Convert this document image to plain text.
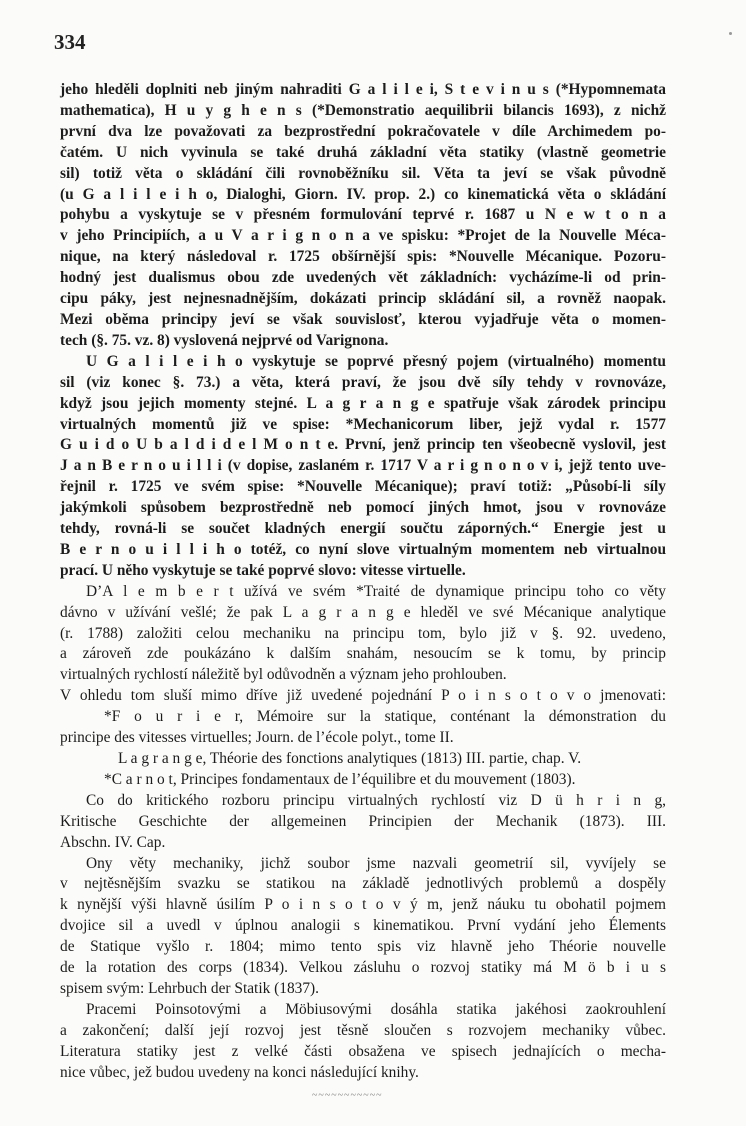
334
jeho hleděli doplniti neb jiným nahraditi G a l i l e i, S t e v i n u s (*Hypomnemata
mathematica), H u y g h e n s (*Demonstratio aequilibrii bilancis 1693), z nichž
první dva lze považovati za bezprostřední pokračovatele v díle Archimedem po-
čatém. U nich vyvinula se také druhá základní věta statiky (vlastně geometrie
sil) totiž věta o skládání čili rovnoběžníku sil. Věta ta jeví se však původně
(u G a l i l e i h o, Dialoghi, Giorn. IV. prop. 2.) co kinematická věta o skládání
pohybu a vyskytuje se v přesném formulování teprvé r. 1687 u N e w t o n a
v jeho Principiích, a u V a r i g n o n a ve spisku: *Projet de la Nouvelle Méca-
nique, na který následoval r. 1725 obšírnější spis: *Nouvelle Mécanique. Pozoru-
hodný jest dualismus obou zde uvedených vět základních: vycházíme-li od prin-
cipu páky, jest nejnesnadnějším, dokázati princip skládání sil, a rovněž naopak.
Mezi oběma principy jeví se však souvislosť, kterou vyjadřuje věta o momen-
tech (§. 75. vz. 8) vyslovená nejprvé od Varignona.
U G a l i l e i h o vyskytuje se poprvé přesný pojem (virtualného) momentu
sil (viz konec §. 73.) a věta, která praví, že jsou dvě síly tehdy v rovnováze,
když jsou jejich momenty stejné. L a g r a n g e spatřuje však zárodek principu
virtualných momentů již ve spise: *Mechanicorum liber, jejž vydal r. 1577
G u i d o U b a l d i d e l M o n t e. První, jenž princip ten všeobecně vyslovil, jest
J a n B e r n o u i l l i (v dopise, zaslaném r. 1717 V a r i g n o n o v i, jejž tento uve-
řejnil r. 1725 ve svém spise: *Nouvelle Mécanique); praví totiž: „Působí-li síly
jakýmkoli spůsobem bezprostředně neb pomocí jiných hmot, jsou v rovnováze
tehdy, rovná-li se součet kladných energií součtu záporných.“ Energie jest u
B e r n o u i l l i h o totéž, co nyní slove virtualným momentem neb virtualnou
prací. U něho vyskytuje se také poprvé slovo: vitesse virtuelle.
D’A l e m b e r t užívá ve svém *Traité de dynamique principu toho co věty
dávno v užívání vešlé; že pak L a g r a n g e hleděl ve své Mécanique analytique
(r. 1788) založiti celou mechaniku na principu tom, bylo již v §. 92. uvedeno,
a zároveň zde poukázáno k dalším snahám, nesoucím se k tomu, by princip
virtualných rychlostí náležitě byl odůvodněn a význam jeho prohlouben.
V ohledu tom sluší mimo dříve již uvedené pojednání P o i n s o t o v o jmenovati:
*F o u r i e r, Mémoire sur la statique, conténant la démonstration du
principe des vitesses virtuelles; Journ. de l’école polyt., tome II.
L a g r a n g e, Théorie des fonctions analytiques (1813) III. partie, chap. V.
*C a r n o t, Principes fondamentaux de l’équilibre et du mouvement (1803).
Co do kritického rozboru principu virtualných rychlostí viz D ü h r i n g,
Kritische Geschichte der allgemeinen Principien der Mechanik (1873). III.
Abschn. IV. Cap.
Ony věty mechaniky, jichž soubor jsme nazvali geometrií sil, vyvíjely se
v nejtěsnějším svazku se statikou na základě jednotlivých problemů a dospěly
k nynější výši hlavně úsilím P o i n s o t o v ý m, jenž náuku tu obohatil pojmem
dvojice sil a uvedl v úplnou analogii s kinematikou. První vydání jeho Élements
de Statique vyšlo r. 1804; mimo tento spis viz hlavně jeho Théorie nouvelle
de la rotation des corps (1834). Velkou zásluhu o rozvoj statiky má M ö b i u s
spisem svým: Lehrbuch der Statik (1837).
Pracemi Poinsotovými a Möbiusovými dosáhla statika jakéhosi zaokrouhlení
a zakončení; další její rozvoj jest těsně sloučen s rozvojem mechaniky vůbec.
Literatura statiky jest z velké části obsažena ve spisech jednajících o mecha-
nice vůbec, jež budou uvedeny na konci následující knihy.
~~~~~~~~~~~
